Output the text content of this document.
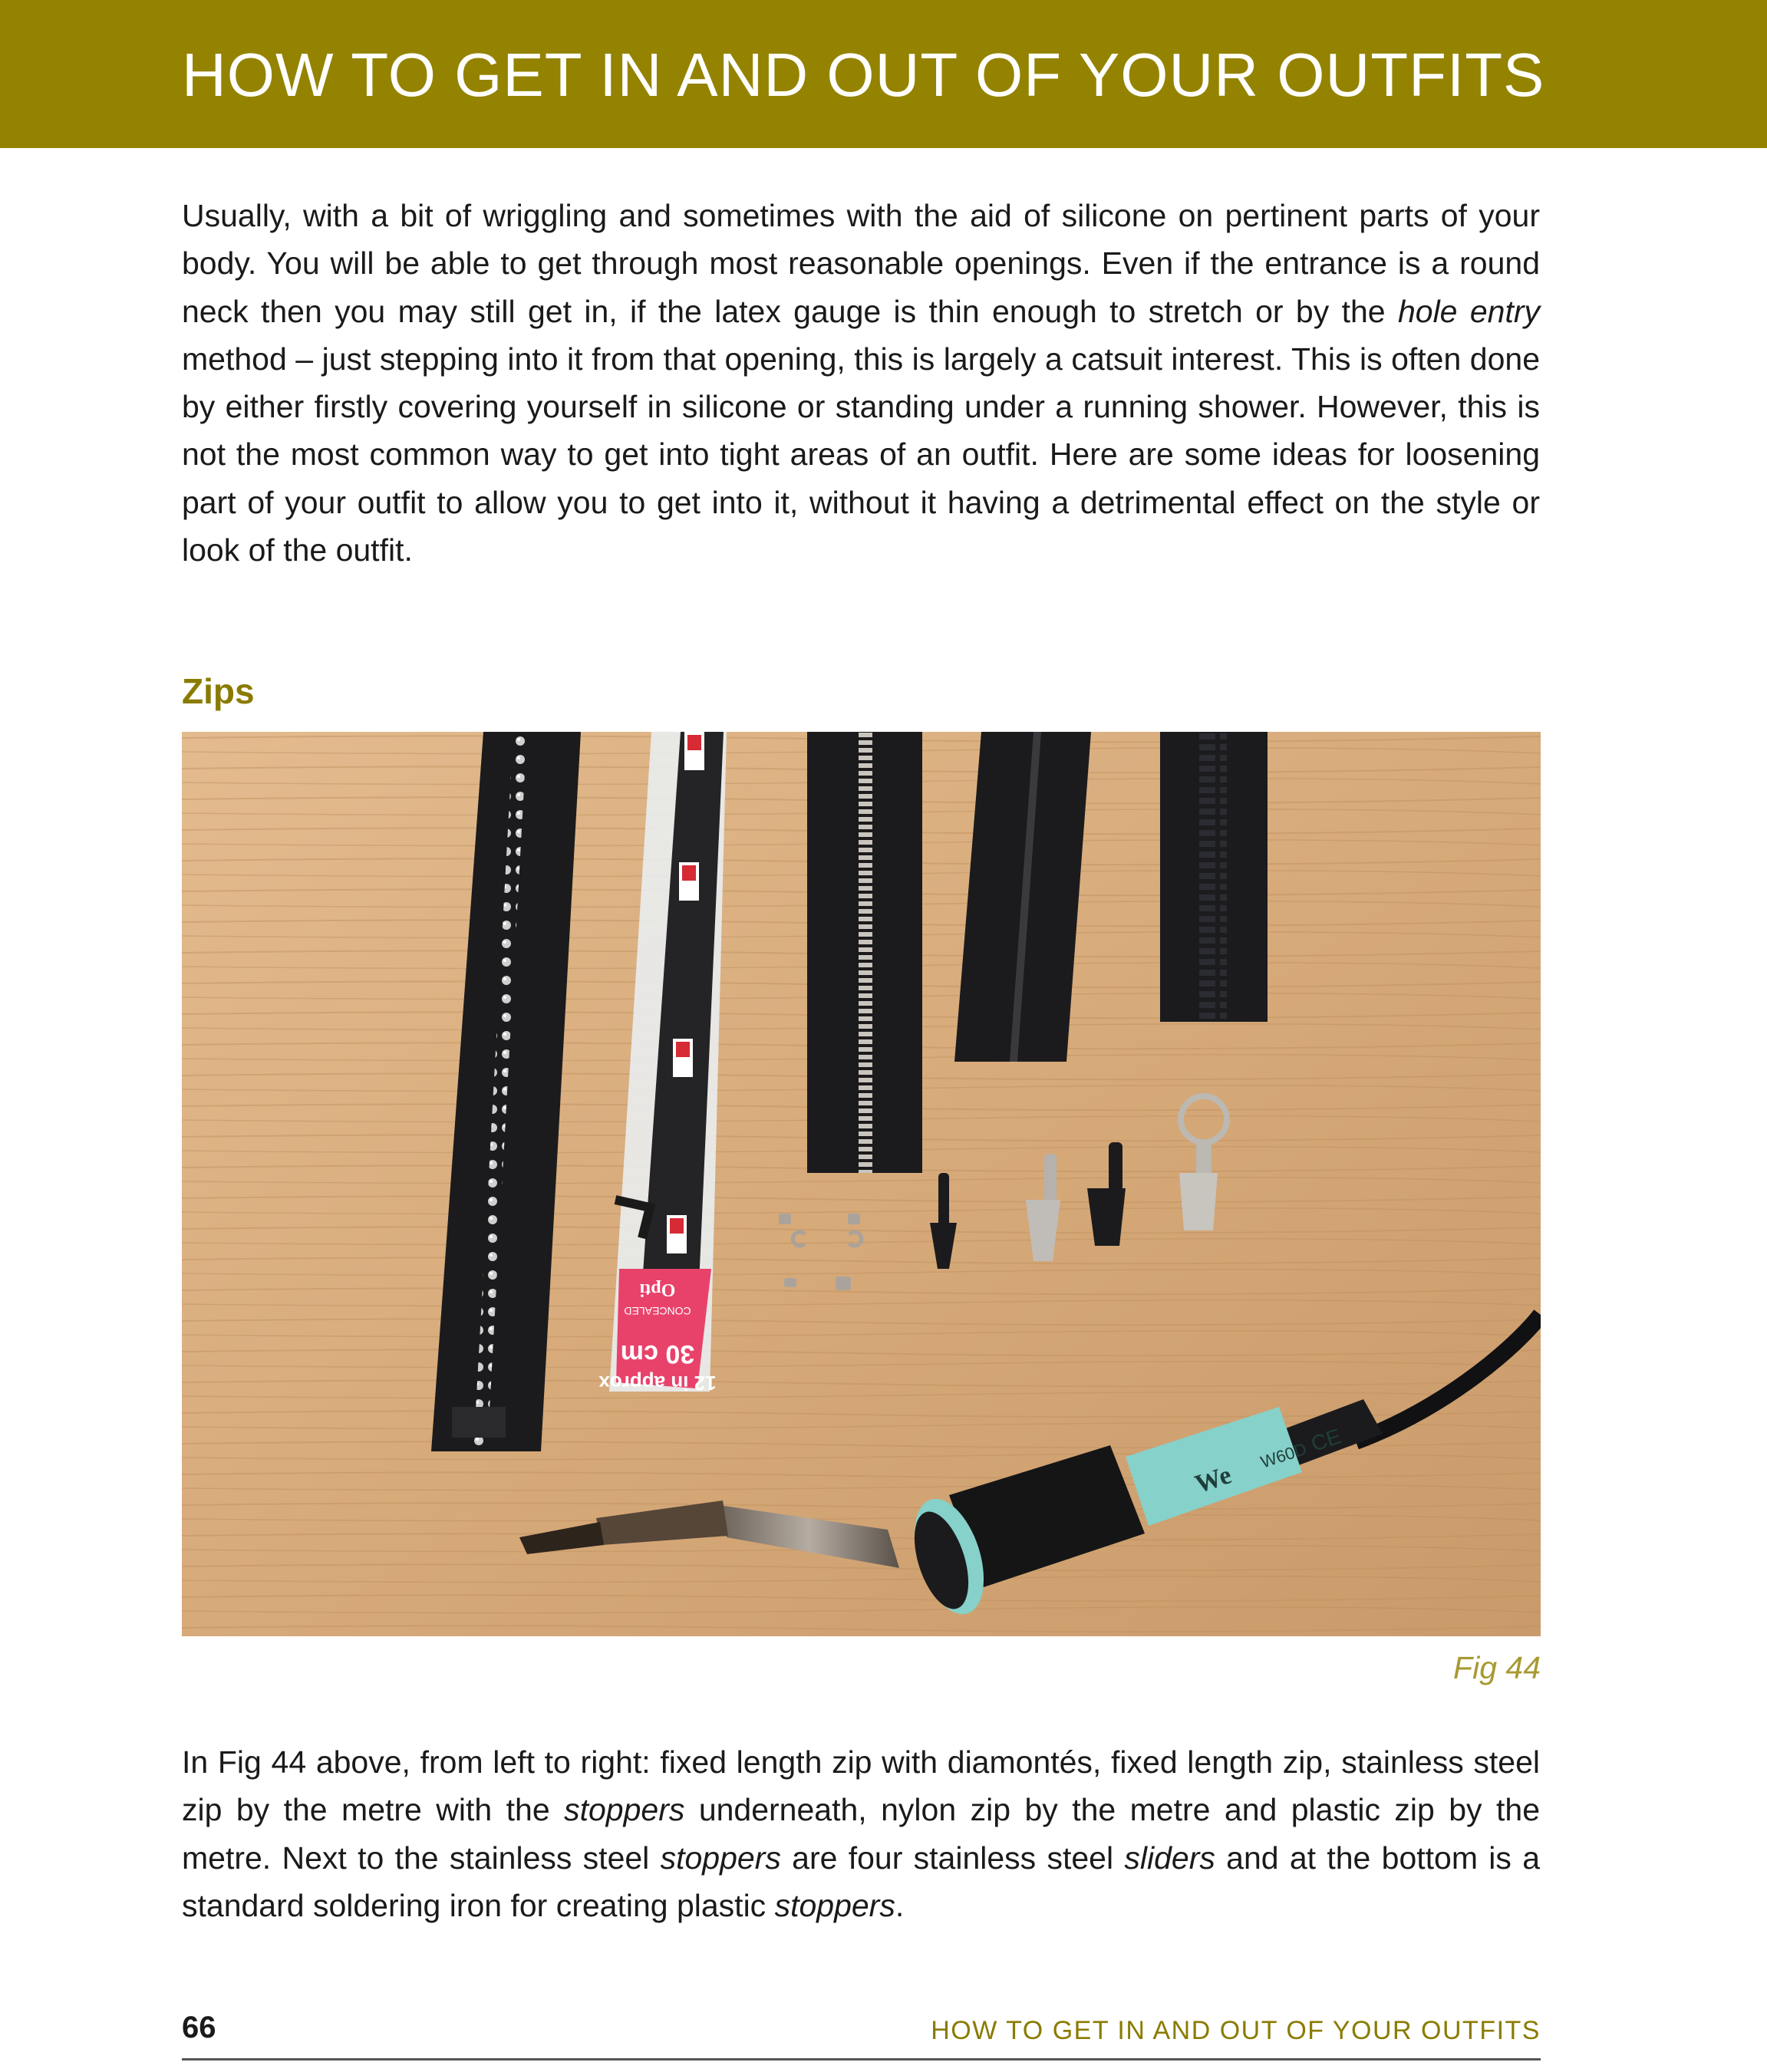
HOW TO GET IN AND OUT OF YOUR OUTFITS

Usually, with a bit of wriggling and sometimes with the aid of silicone on pertinent parts of your body. You will be able to get through most reasonable openings. Even if the entrance is a round neck then you may still get in, if the latex gauge is thin enough to stretch or by the hole entry method – just stepping into it from that opening, this is largely a catsuit interest. This is often done by either firstly covering yourself in silicone or standing under a running shower. However, this is not the most common way to get into tight areas of an outfit. Here are some ideas for loosening part of your outfit to allow you to get into it, without it having a detrimental effect on the style or look of the outfit.

Zips
12 in approx
30 cm
CONCEALED
Opti
We
W60D CE
Fig 44

In Fig 44 above, from left to right: fixed length zip with diamontés, fixed length zip, stainless steel zip by the metre with the stoppers underneath, nylon zip by the metre and plastic zip by the metre. Next to the stainless steel stoppers are four stainless steel sliders and at the bottom is a standard soldering iron for creating plastic stoppers.

66	HOW TO GET IN AND OUT OF YOUR OUTFITS
